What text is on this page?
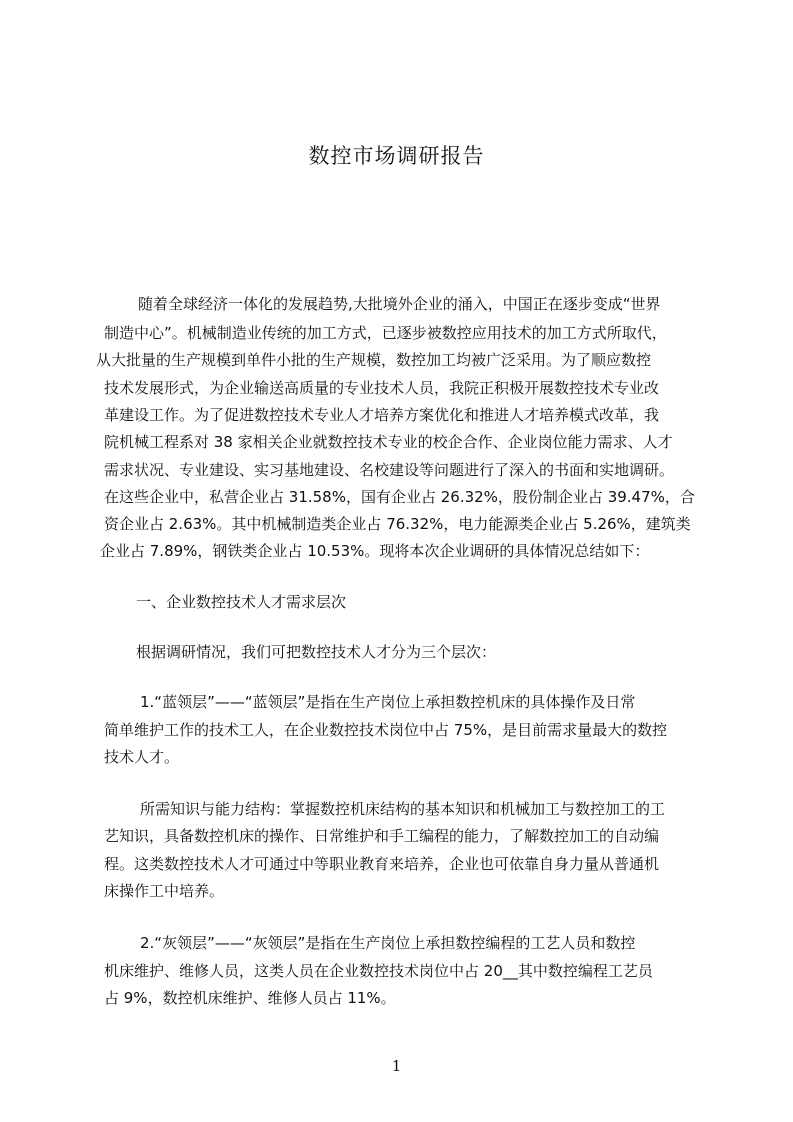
数控市场调研报告
随着全球经济一体化的发展趋势,大批境外企业的涌入，中国正在逐步变成“世界
制造中心”。机械制造业传统的加工方式，已逐步被数控应用技术的加工方式所取代，
从大批量的生产规模到单件小批的生产规模，数控加工均被广泛采用。为了顺应数控
技术发展形式，为企业输送高质量的专业技术人员，我院正积极开展数控技术专业改
革建设工作。为了促进数控技术专业人才培养方案优化和推进人才培养模式改革，我
院机械工程系对 38 家相关企业就数控技术专业的校企合作、企业岗位能力需求、人才
需求状况、专业建设、实习基地建设、名校建设等问题进行了深入的书面和实地调研。
在这些企业中，私营企业占 31.58%，国有企业占 26.32%，股份制企业占 39.47%，合
资企业占 2.63%。其中机械制造类企业占 76.32%，电力能源类企业占 5.26%，建筑类
企业占 7.89%，钢铁类企业占 10.53%。现将本次企业调研的具体情况总结如下：
一、企业数控技术人才需求层次
根据调研情况，我们可把数控技术人才分为三个层次：
1.“蓝领层”——“蓝领层”是指在生产岗位上承担数控机床的具体操作及日常
简单维护工作的技术工人，在企业数控技术岗位中占 75%，是目前需求量最大的数控
技术人才。
所需知识与能力结构：掌握数控机床结构的基本知识和机械加工与数控加工的工
艺知识，具备数控机床的操作、日常维护和手工编程的能力，了解数控加工的自动编
程。这类数控技术人才可通过中等职业教育来培养，企业也可依靠自身力量从普通机
床操作工中培养。
2.“灰领层”——“灰领层”是指在生产岗位上承担数控编程的工艺人员和数控
机床维护、维修人员，这类人员在企业数控技术岗位中占 20__其中数控编程工艺员
占 9%，数控机床维护、维修人员占 11%。
1
